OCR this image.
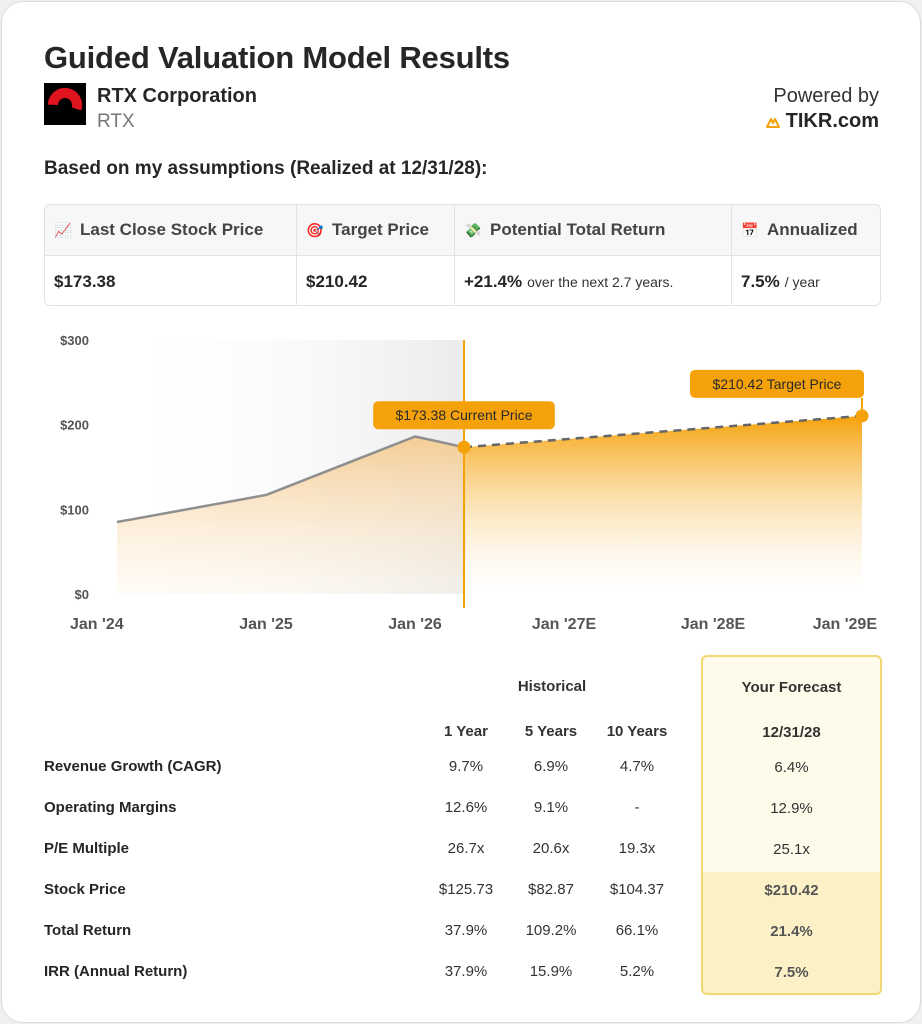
Guided Valuation Model Results
RTX Corporation
RTX
Powered by
TIKR.com
Based on my assumptions (Realized at 12/31/28):
📈 Last Close Stock Price	🎯 Target Price	💸 Potential Total Return	📅 Annualized
$173.38	$210.42	+21.4% over the next 2.7 years.	7.5% / year
$0
$100
$200
$300
Jan '24	Jan '25	Jan '26	Jan '27E	Jan '28E	Jan '29E
$173.38 Current Price
$210.42 Target Price
Historical	Your Forecast
1 Year	5 Years	10 Years	12/31/28
Revenue Growth (CAGR)	9.7%	6.9%	4.7%	6.4%
Operating Margins	12.6%	9.1%	-	12.9%
P/E Multiple	26.7x	20.6x	19.3x	25.1x
Stock Price	$125.73	$82.87	$104.37	$210.42
Total Return	37.9%	109.2%	66.1%	21.4%
IRR (Annual Return)	37.9%	15.9%	5.2%	7.5%
